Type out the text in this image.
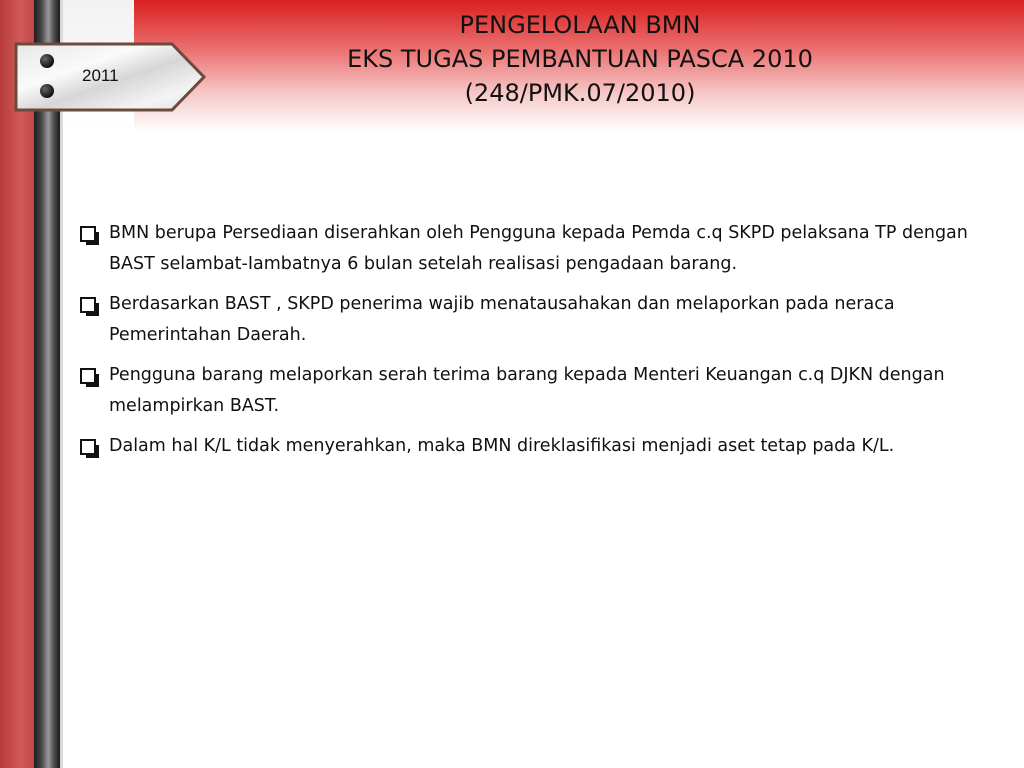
2011
PENGELOLAAN BMN
EKS TUGAS PEMBANTUAN PASCA 2010
(248/PMK.07/2010)
BMN berupa Persediaan diserahkan oleh Pengguna kepada Pemda c.q SKPD pelaksana TP dengan BAST selambat-Iambatnya 6 bulan setelah realisasi pengadaan barang.
Berdasarkan BAST , SKPD penerima wajib menatausahakan dan melaporkan pada neraca Pemerintahan Daerah.
Pengguna barang melaporkan serah terima barang kepada Menteri Keuangan c.q DJKN dengan melampirkan BAST.
Dalam hal K/L tidak menyerahkan, maka BMN direklasifikasi menjadi aset tetap pada K/L.
